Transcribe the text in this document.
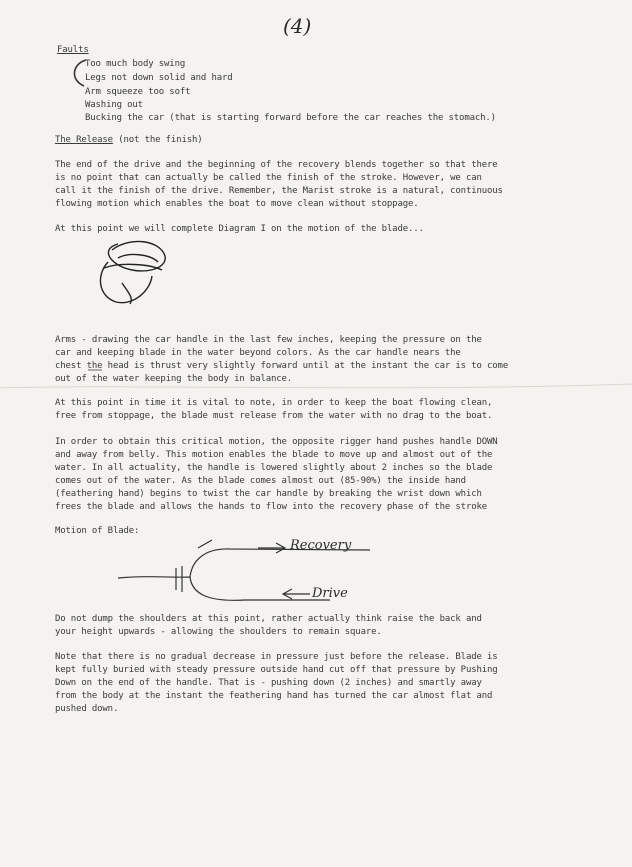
(4)
Faults
Too much body swing
Legs not down solid and hard
Arm squeeze too soft
Washing out
Bucking the car (that is starting forward before the car reaches the stomach.)
The Release (not the finish)
The end of the drive and the beginning of the recovery blends together so that there
is no point that can actually be called the finish of the stroke. However, we can
call it the finish of the drive. Remember, the Marist stroke is a natural, continuous
flowing motion which enables the boat to move clean without stoppage.
At this point we will complete Diagram I on the motion of the blade...
Arms - drawing the car handle in the last few inches, keeping the pressure on the
car and keeping blade in the water beyond colors. As the car handle nears the
chest the head is thrust very slightly forward until at the instant the car is to come
out of the water keeping the body in balance.
At this point in time it is vital to note, in order to keep the boat flowing clean,
free from stoppage, the blade must release from the water with no drag to the boat.
In order to obtain this critical motion, the opposite rigger hand pushes handle DOWN
and away from belly. This motion enables the blade to move up and almost out of the
water. In all actuality, the handle is lowered slightly about 2 inches so the blade
comes out of the water. As the blade comes almost out (85-90%) the inside hand
(feathering hand) begins to twist the car handle by breaking the wrist down which
frees the blade and allows the hands to flow into the recovery phase of the stroke
Motion of Blade:
Recovery
Drive
Do not dump the shoulders at this point, rather actually think raise the back and
your height upwards - allowing the shoulders to remain square.
Note that there is no gradual decrease in pressure just before the release. Blade is
kept fully buried with steady pressure outside hand cut off that pressure by Pushing
Down on the end of the handle. That is - pushing down (2 inches) and smartly away
from the body at the instant the feathering hand has turned the car almost flat and
pushed down.
